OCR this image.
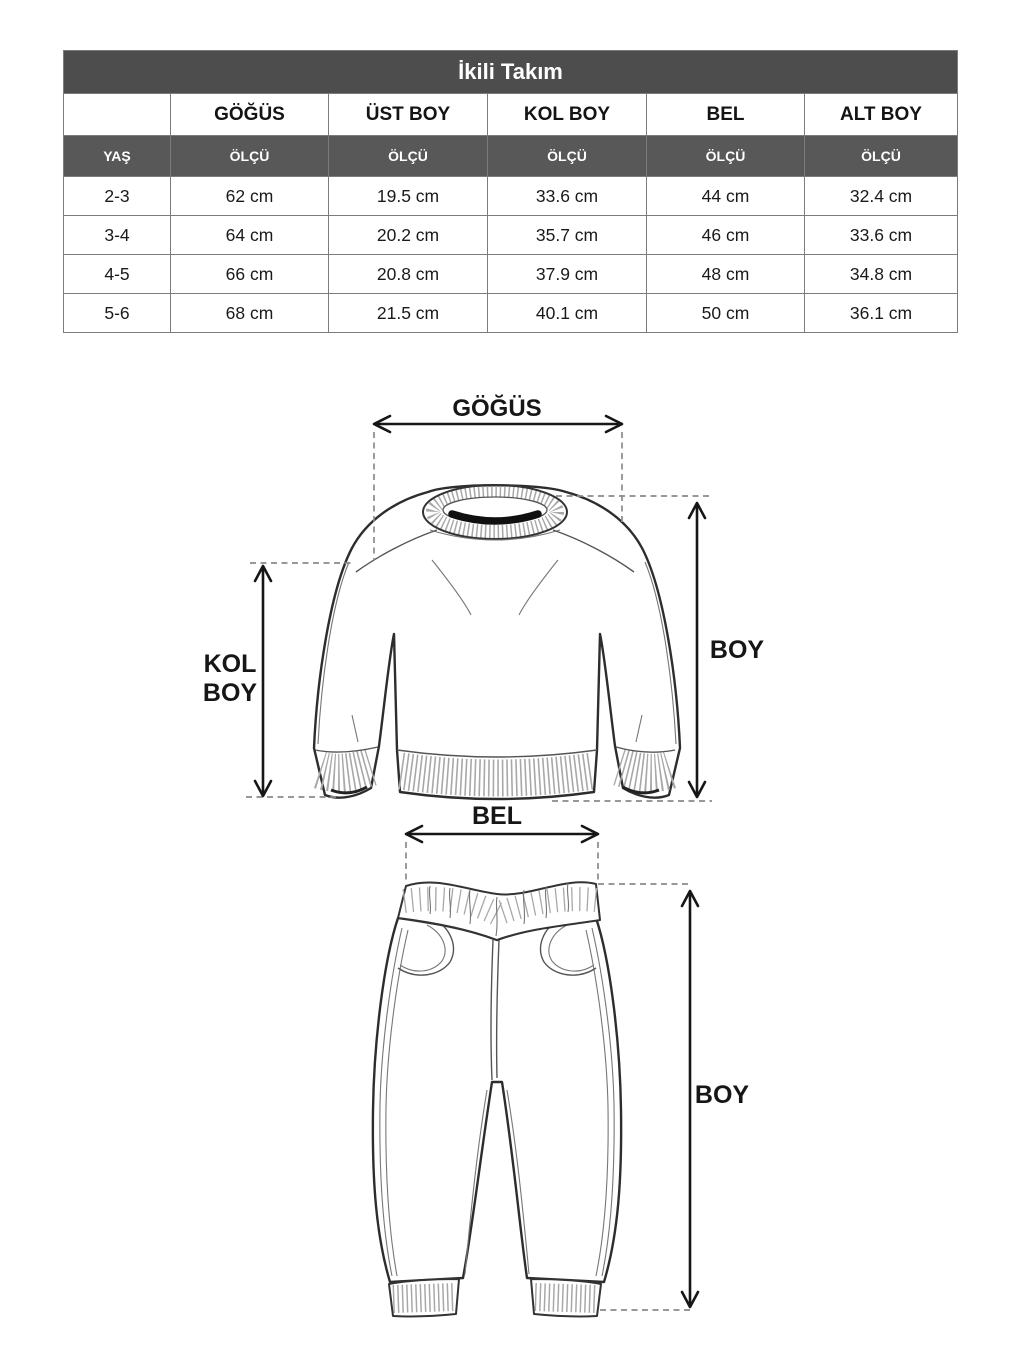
İkili Takım					
	GÖĞÜS	ÜST BOY	KOL BOY	BEL	ALT BOY
YAŞ	ÖLÇÜ	ÖLÇÜ	ÖLÇÜ	ÖLÇÜ	ÖLÇÜ
2-3	62 cm	19.5 cm	33.6 cm	44 cm	32.4 cm
3-4	64 cm	20.2 cm	35.7 cm	46 cm	33.6 cm
4-5	66 cm	20.8 cm	37.9 cm	48 cm	34.8 cm
5-6	68 cm	21.5 cm	40.1 cm	50 cm	36.1 cm
GÖĞÜS
KOL
BOY
BOY
BEL
BOY
